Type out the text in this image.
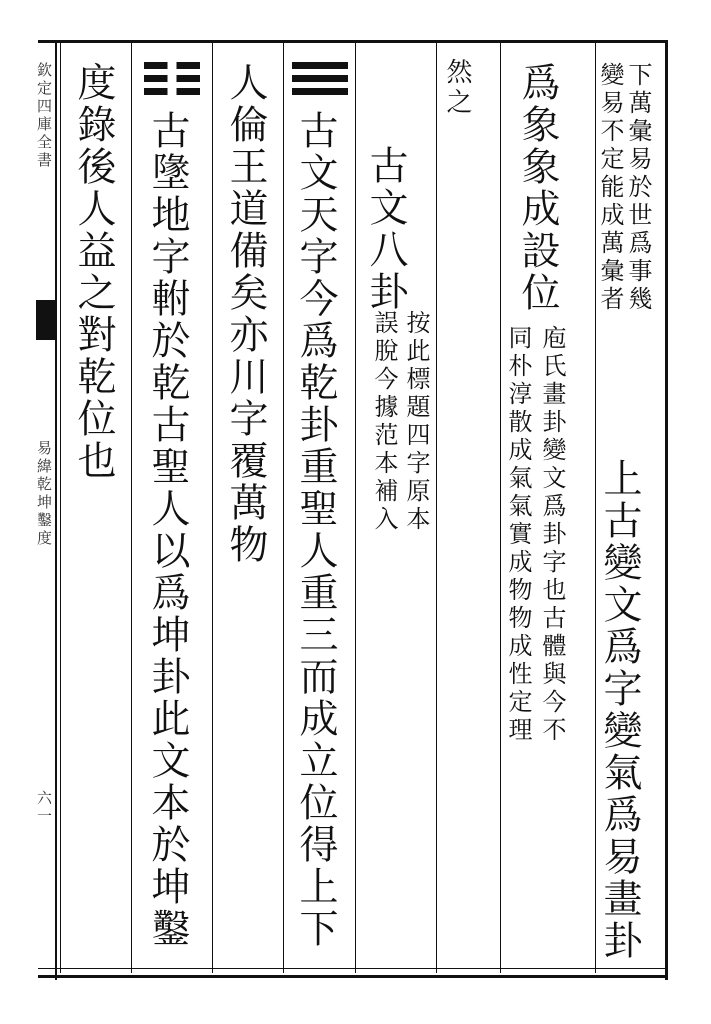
欽定四庫全書
易緯乾坤鑿度
六一
下萬彙易於世爲事幾
變易不定能成萬彙者
上古變文爲字變氣爲易畫卦
爲象象成設位
庖氏畫卦變文爲卦字也古體與今不
同朴淳散成氣氣實成物物成性定理
然之
古文八卦
按此標題四字原本
誤脫今據范本補入
古文天字今爲乾卦重聖人重三而成立位得上下
人倫王道備矣亦川字覆萬物
古墬地字軵於乾古聖人以爲坤卦此文本於坤鑿
度錄後人益之對乾位也
